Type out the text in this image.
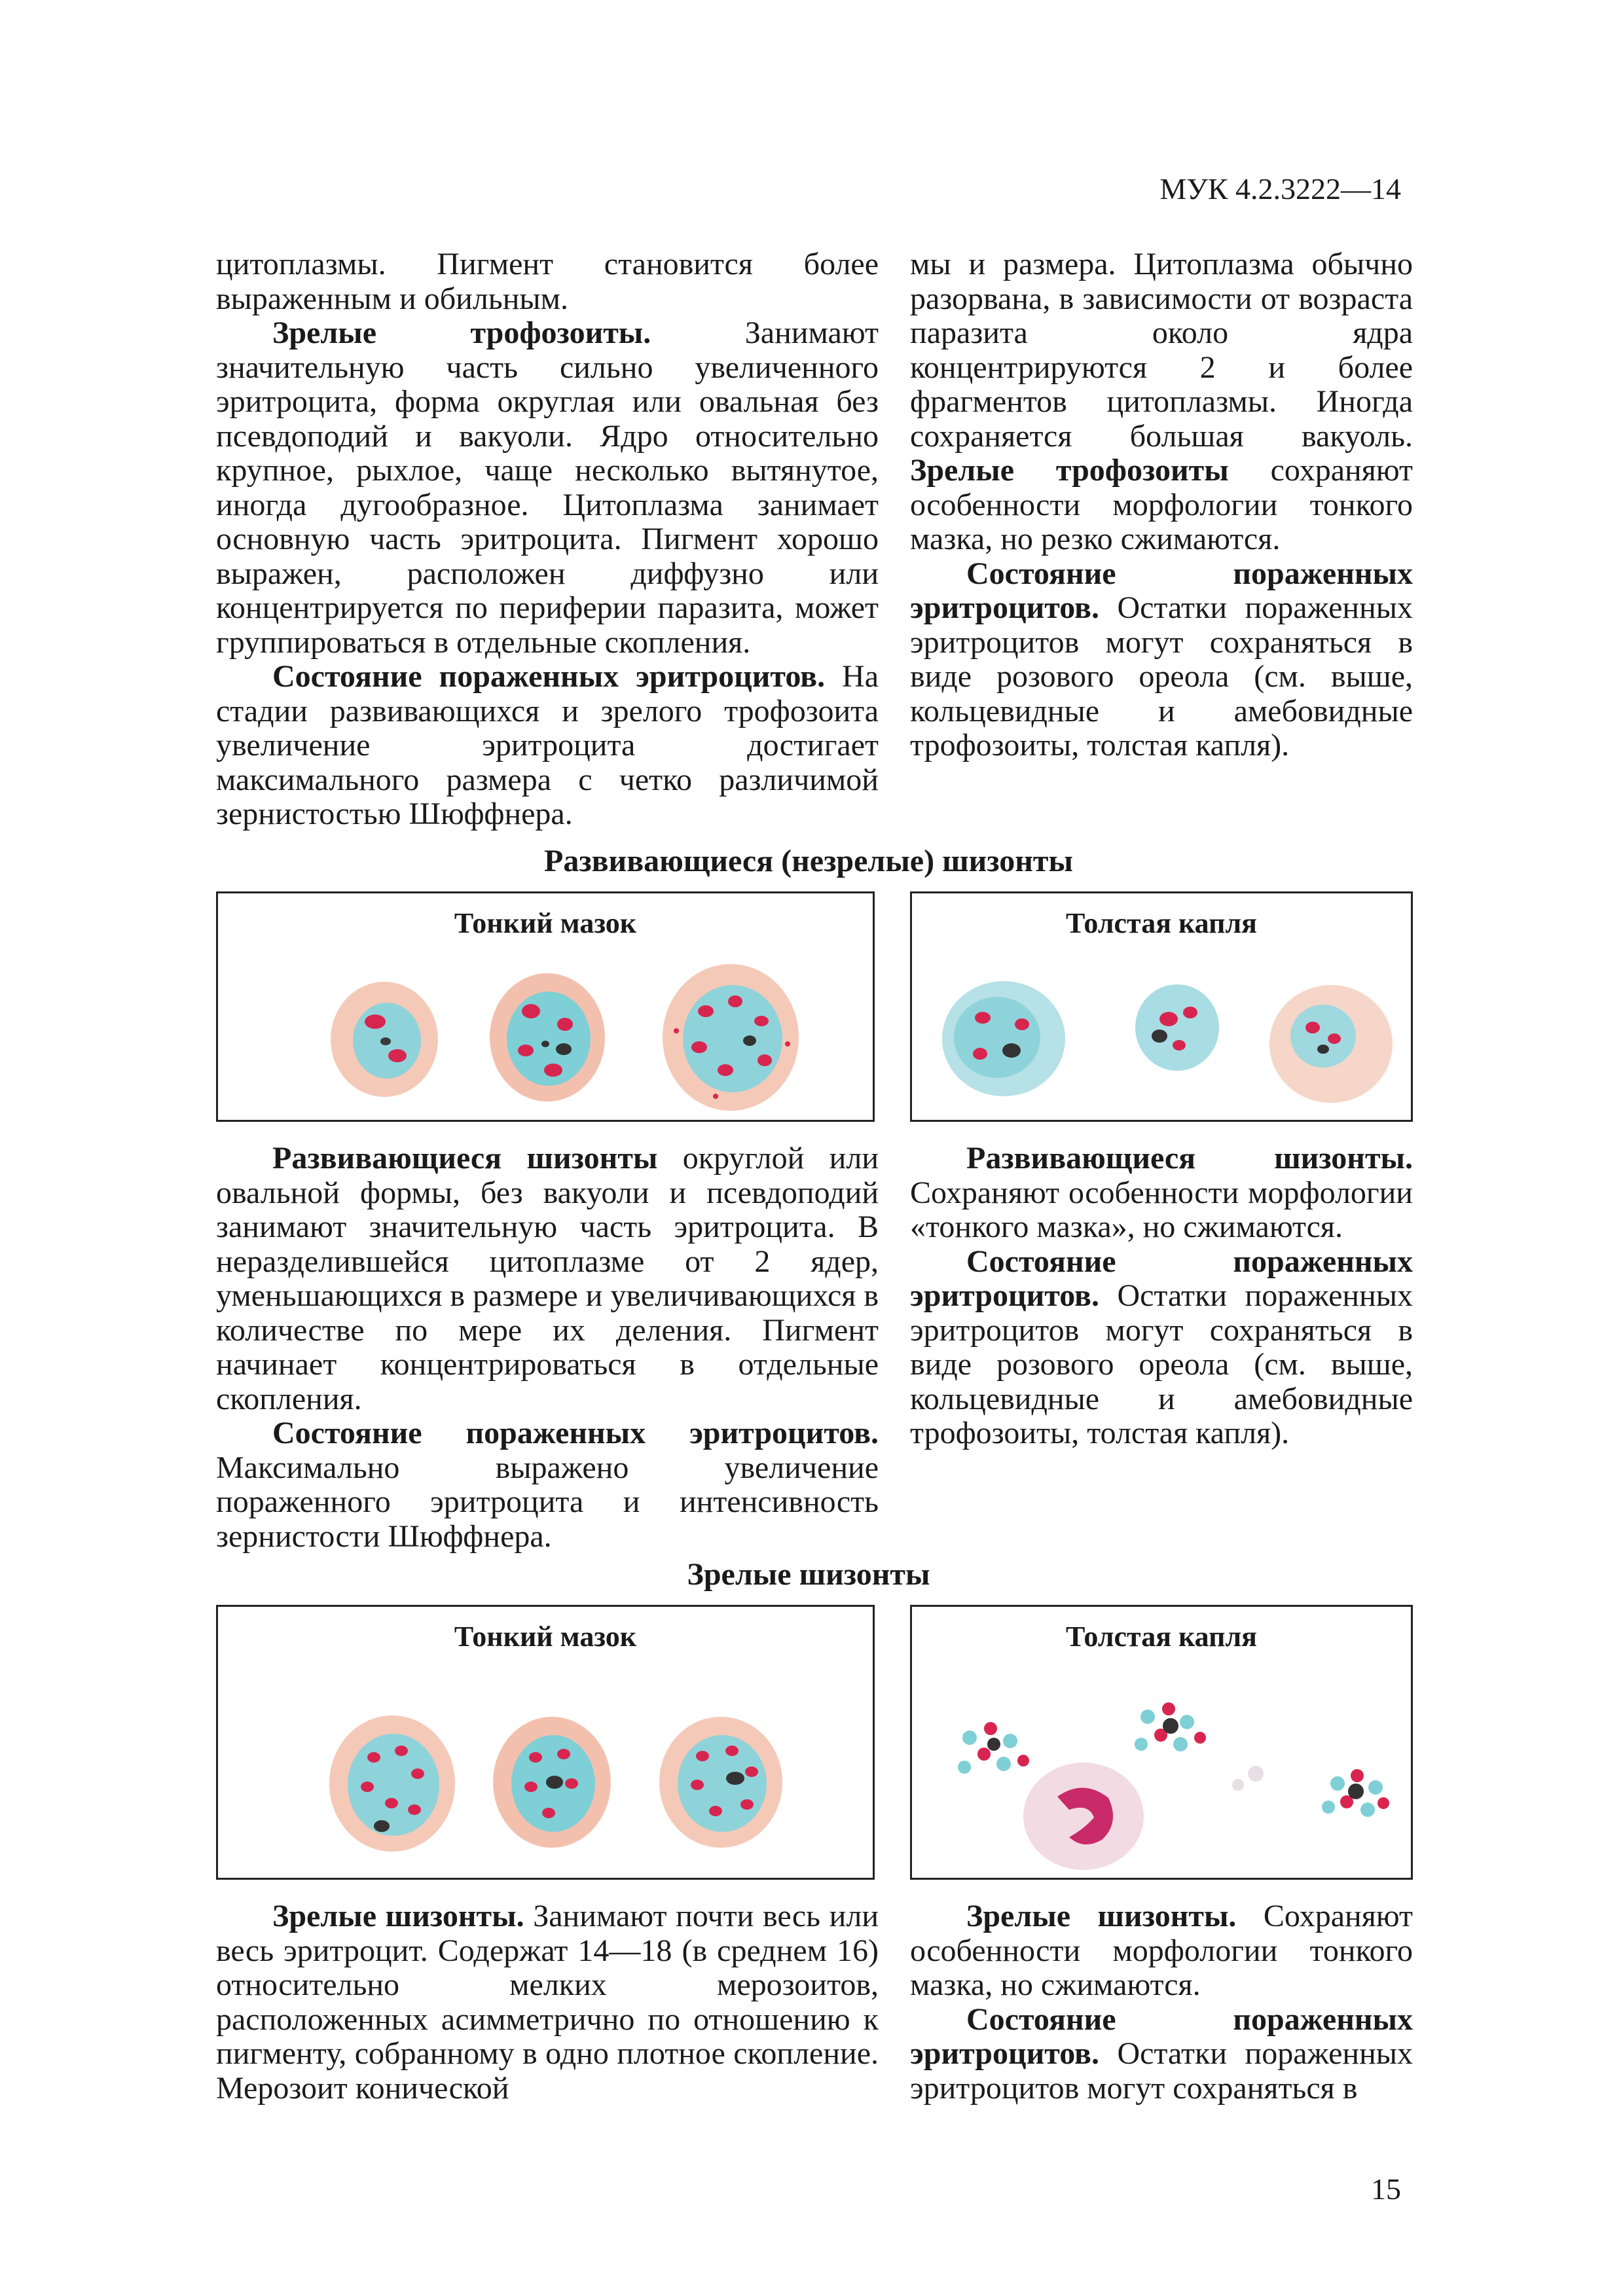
МУК 4.2.3222—14

цитоплазмы. Пигмент становится более выраженным и обильным.

Зрелые трофозоиты. Занимают значительную часть сильно увеличенного эритроцита, форма округлая или овальная без псевдоподий и вакуоли. Ядро относительно крупное, рыхлое, чаще несколько вытянутое, иногда дугообразное. Цитоплазма занимает основную часть эритроцита. Пигмент хорошо выражен, расположен диффузно или концентрируется по периферии паразита, может группироваться в отдельные скопления.

Состояние пораженных эритроцитов. На стадии развивающихся и зрелого трофозоита увеличение эритроцита достигает максимального размера с четко различимой зернистостью Шюффнера.

мы и размера. Цитоплазма обычно разорвана, в зависимости от возраста паразита около ядра концентрируются 2 и более фрагментов цитоплазмы. Иногда сохраняется большая вакуоль. Зрелые трофозоиты сохраняют особенности морфологии тонкого мазка, но резко сжимаются.

Состояние пораженных эритроцитов. Остатки пораженных эритроцитов могут сохраняться в виде розового ореола (см. выше, кольцевидные и амебовидные трофозоиты, толстая капля).

Развивающиеся (незрелые) шизонты
Тонкий мазок	Толстая капля

Развивающиеся шизонты округлой или овальной формы, без вакуоли и псевдоподий занимают значительную часть эритроцита. В неразделившейся цитоплазме от 2 ядер, уменьшающихся в размере и увеличивающихся в количестве по мере их деления. Пигмент начинает концентрироваться в отдельные скопления.

Состояние пораженных эритроцитов. Максимально выражено увеличение пораженного эритроцита и интенсивность зернистости Шюффнера.

Развивающиеся шизонты. Сохраняют особенности морфологии «тонкого мазка», но сжимаются.

Состояние пораженных эритроцитов. Остатки пораженных эритроцитов могут сохраняться в виде розового ореола (см. выше, кольцевидные и амебовидные трофозоиты, толстая капля).

Зрелые шизонты
Тонкий мазок	Толстая капля

Зрелые шизонты. Занимают почти весь или весь эритроцит. Содержат 14—18 (в среднем 16) относительно мелких мерозоитов, расположенных асимметрично по отношению к пигменту, собранному в одно плотное скопление. Мерозоит конической

Зрелые шизонты. Сохраняют особенности морфологии тонкого мазка, но сжимаются.

Состояние пораженных эритроцитов. Остатки пораженных эритроцитов могут сохраняться в

15
